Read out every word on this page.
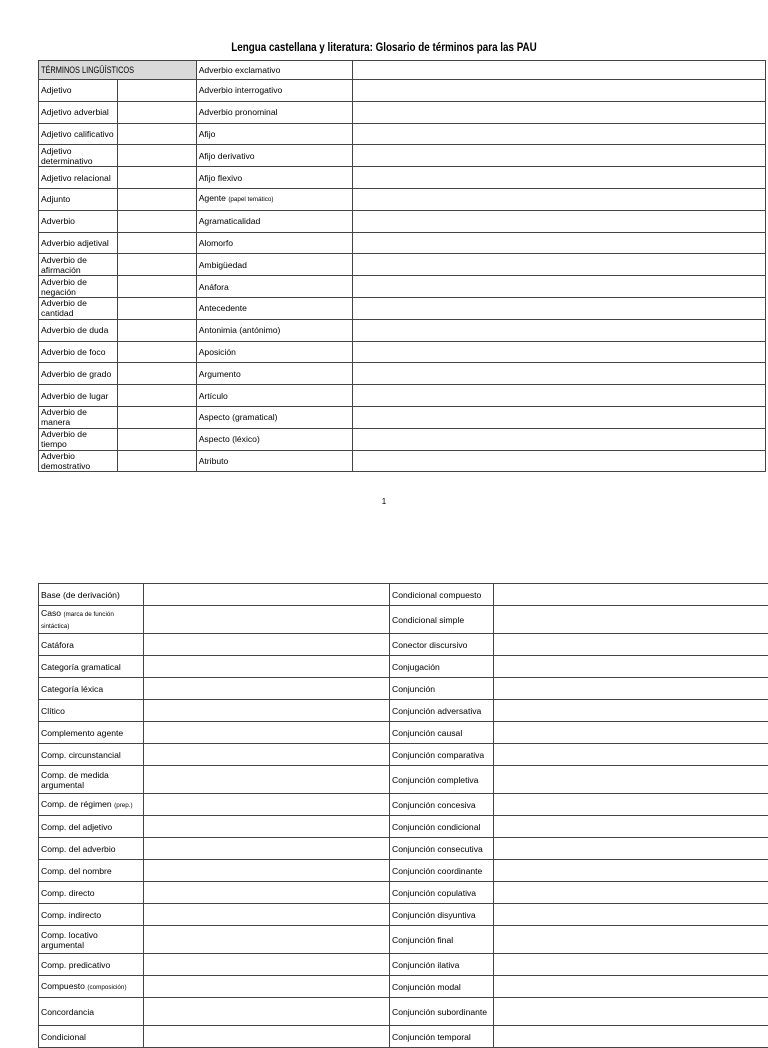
Lengua castellana y literatura: Glosario de términos para las PAU
TÉRMINOS LINGÜÍSTICOS		Adverbio exclamativo	
Adjetivo		Adverbio interrogativo	
Adjetivo adverbial		Adverbio pronominal	
Adjetivo calificativo		Afijo	
Adjetivo determinativo		Afijo derivativo	
Adjetivo relacional		Afijo flexivo	
Adjunto		Agente (papel temático)	
Adverbio		Agramaticalidad	
Adverbio adjetival		Alomorfo	
Adverbio de afirmación		Ambigüedad	
Adverbio de negación		Anáfora	
Adverbio de cantidad		Antecedente	
Adverbio de duda		Antonimia (antónimo)	
Adverbio de foco		Aposición	
Adverbio de grado		Argumento	
Adverbio de lugar		Artículo	
Adverbio de manera		Aspecto (gramatical)	
Adverbio de tiempo		Aspecto (léxico)	
Adverbio demostrativo		Atributo	
1
Base (de derivación)		Condicional compuesto	
Caso (marca de función sintáctica)		Condicional simple	
Catáfora		Conector discursivo	
Categoría gramatical		Conjugación	
Categoría léxica		Conjunción	
Clítico		Conjunción adversativa	
Complemento agente		Conjunción causal	
Comp. circunstancial		Conjunción comparativa	
Comp. de medida argumental		Conjunción completiva	
Comp. de régimen (prep.)		Conjunción concesiva	
Comp. del adjetivo		Conjunción condicional	
Comp. del adverbio		Conjunción consecutiva	
Comp. del nombre		Conjunción coordinante	
Comp. directo		Conjunción copulativa	
Comp. indirecto		Conjunción disyuntiva	
Comp. locativo argumental		Conjunción final	
Comp. predicativo		Conjunción ilativa	
Compuesto (composición)		Conjunción modal	
Concordancia		Conjunción subordinante	
Condicional		Conjunción temporal	
